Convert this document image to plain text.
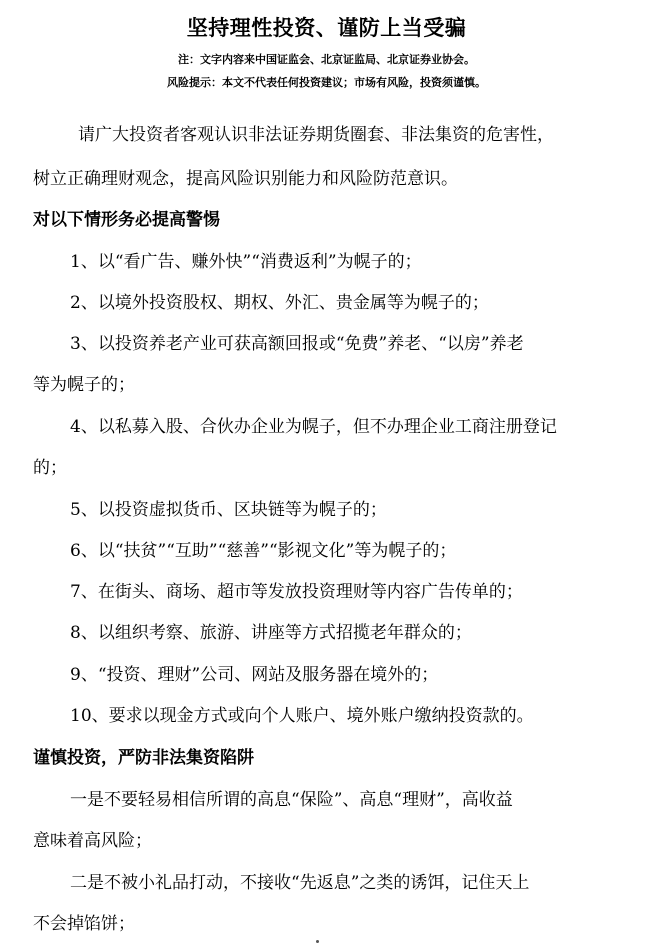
坚持理性投资、谨防上当受骗
注：文字内容来中国证监会、北京证监局、北京证券业协会。
风险提示：本文不代表任何投资建议；市场有风险，投资须谨慎。
请广大投资者客观认识非法证券期货圈套、非法集资的危害性，
树立正确理财观念，提高风险识别能力和风险防范意识。
对以下情形务必提高警惕
1、以“看广告、赚外快”“消费返利”为幌子的；
2、以境外投资股权、期权、外汇、贵金属等为幌子的；
3、以投资养老产业可获高额回报或“免费”养老、“以房”养老
等为幌子的；
4、以私募入股、合伙办企业为幌子，但不办理企业工商注册登记
的；
5、以投资虚拟货币、区块链等为幌子的；
6、以“扶贫”“互助”“慈善”“影视文化”等为幌子的；
7、在街头、商场、超市等发放投资理财等内容广告传单的；
8、以组织考察、旅游、讲座等方式招揽老年群众的；
9、“投资、理财”公司、网站及服务器在境外的；
10、要求以现金方式或向个人账户、境外账户缴纳投资款的。
谨慎投资，严防非法集资陷阱
一是不要轻易相信所谓的高息“保险”、高息“理财”，高收益
意味着高风险；
二是不被小礼品打动，不接收“先返息”之类的诱饵，记住天上
不会掉馅饼；
